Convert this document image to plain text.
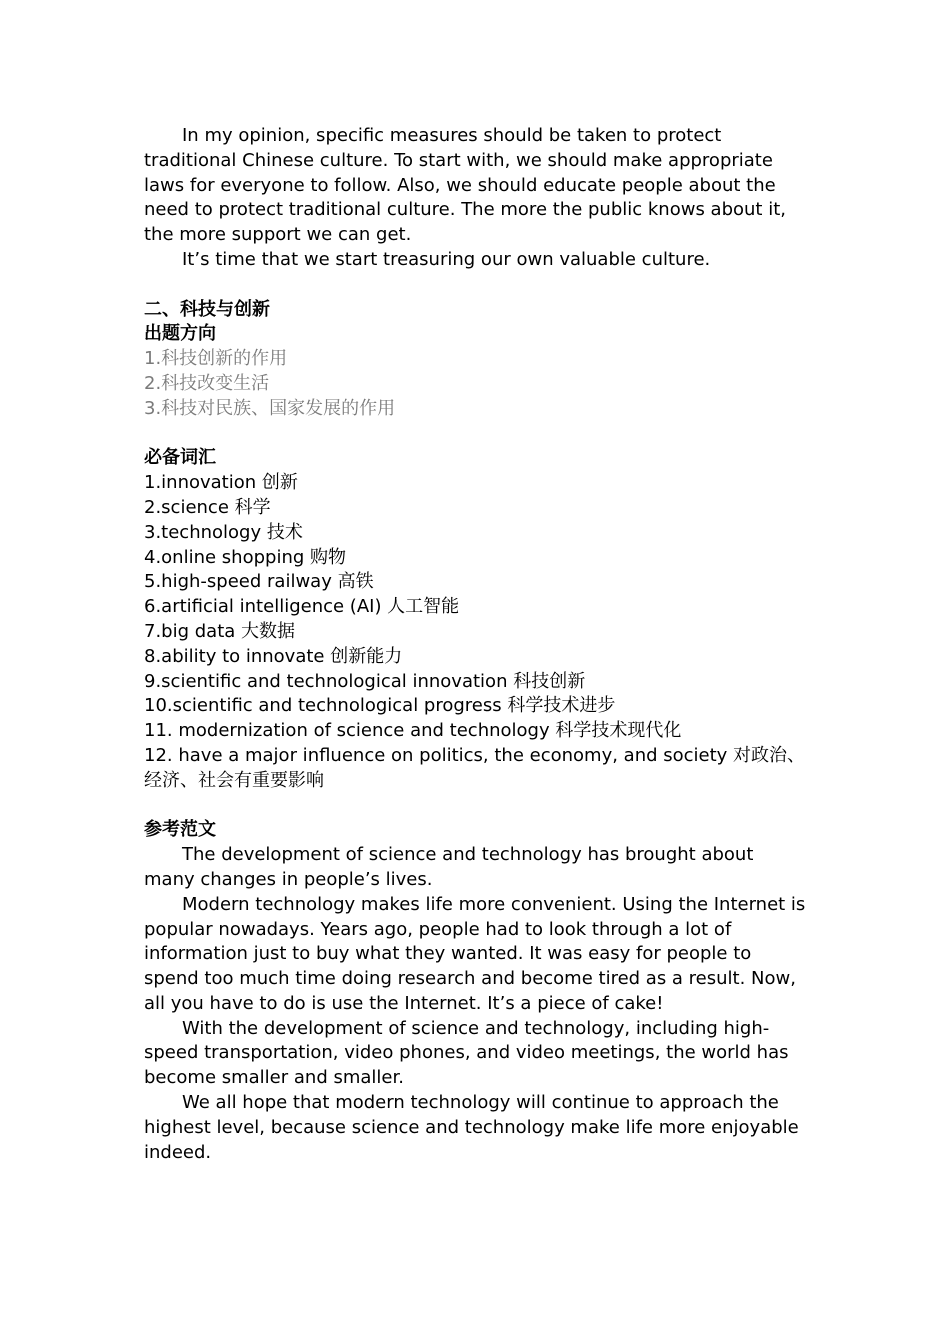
In my opinion, specific measures should be taken to protect traditional Chinese culture. To start with, we should make appropriate laws for everyone to follow. Also, we should educate people about the need to protect traditional culture. The more the public knows about it, the more support we can get.

It’s time that we start treasuring our own valuable culture.

二、科技与创新

出题方向

1.科技创新的作用

2.科技改变生活

3.科技对民族、国家发展的作用

必备词汇

1.innovation 创新

2.science 科学

3.technology 技术

4.online shopping 购物

5.high-speed railway 高铁

6.artificial intelligence (AI) 人工智能

7.big data 大数据

8.ability to innovate 创新能力

9.scientific and technological innovation 科技创新

10.scientific and technological progress 科学技术进步

11. modernization of science and technology 科学技术现代化

12. have a major influence on politics, the economy, and society 对政治、经济、社会有重要影响

参考范文

The development of science and technology has brought about many changes in people’s lives.

Modern technology makes life more convenient. Using the Internet is popular nowadays. Years ago, people had to look through a lot of information just to buy what they wanted. It was easy for people to spend too much time doing research and become tired as a result. Now, all you have to do is use the Internet. It’s a piece of cake!

With the development of science and technology, including high-speed transportation, video phones, and video meetings, the world has become smaller and smaller.

We all hope that modern technology will continue to approach the highest level, because science and technology make life more enjoyable indeed.
